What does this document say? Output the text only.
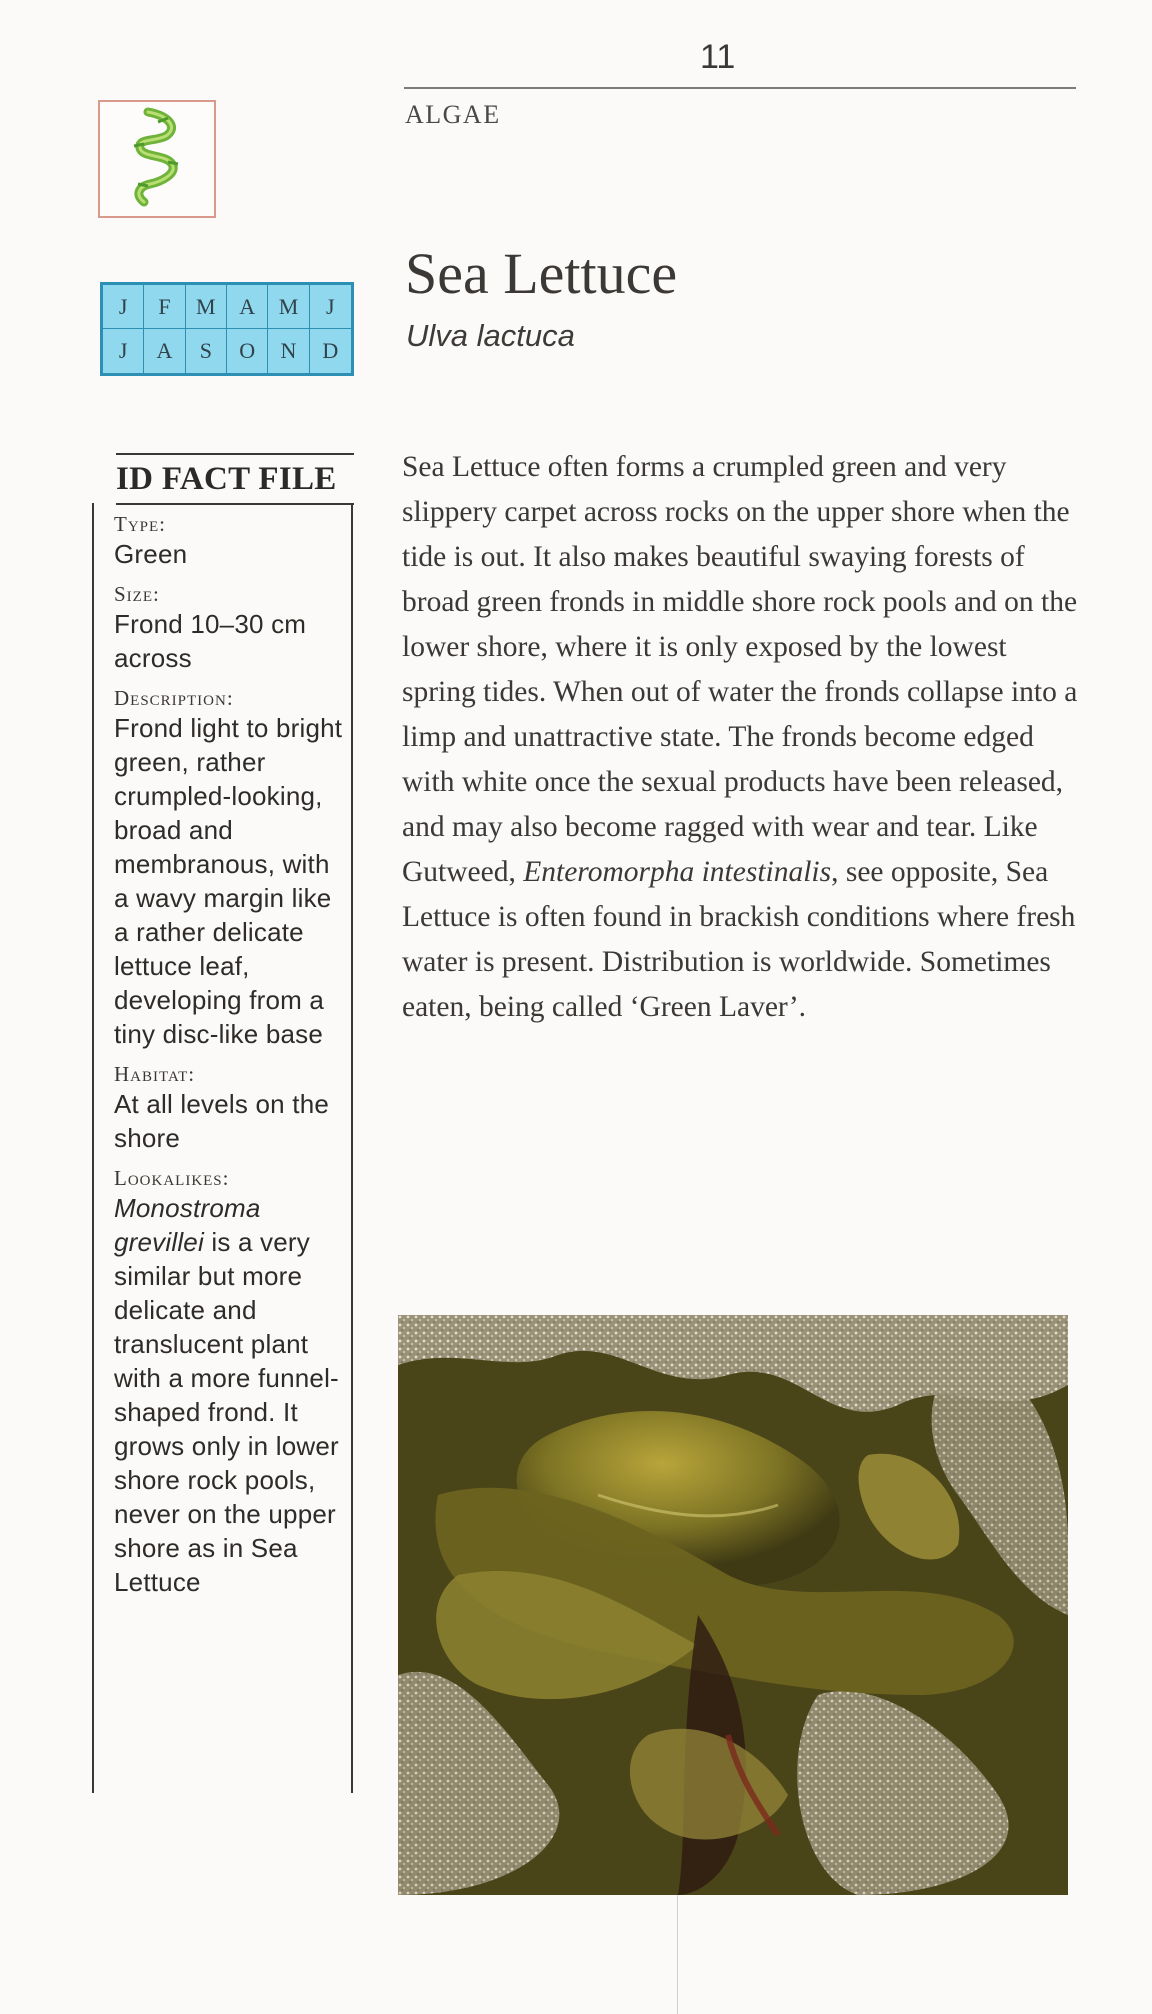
11
ALGAE
J	F	M	A	M	J
J	A	S	O	N	D
Sea Lettuce
Ulva lactuca
ID FACT FILE
Type:
Green
Size:
Frond 10–30 cm across
Description:
Frond light to bright green, rather crumpled-looking, broad and membranous, with a wavy margin like a rather delicate lettuce leaf, developing from a tiny disc-like base
Habitat:
At all levels on the shore
Lookalikes:
Monostroma grevillei is a very similar but more delicate and translucent plant with a more funnel-shaped frond. It grows only in lower shore rock pools, never on the upper shore as in Sea Lettuce

Sea Lettuce often forms a crumpled green and very slippery carpet across rocks on the upper shore when the tide is out. It also makes beautiful swaying forests of broad green fronds in middle shore rock pools and on the lower shore, where it is only exposed by the lowest spring tides. When out of water the fronds collapse into a limp and unattractive state. The fronds become edged with white once the sexual products have been released, and may also become ragged with wear and tear. Like Gutweed, Enteromorpha intestinalis, see opposite, Sea Lettuce is often found in brackish conditions where fresh water is present. Distribution is worldwide. Sometimes eaten, being called ‘Green Laver’.
